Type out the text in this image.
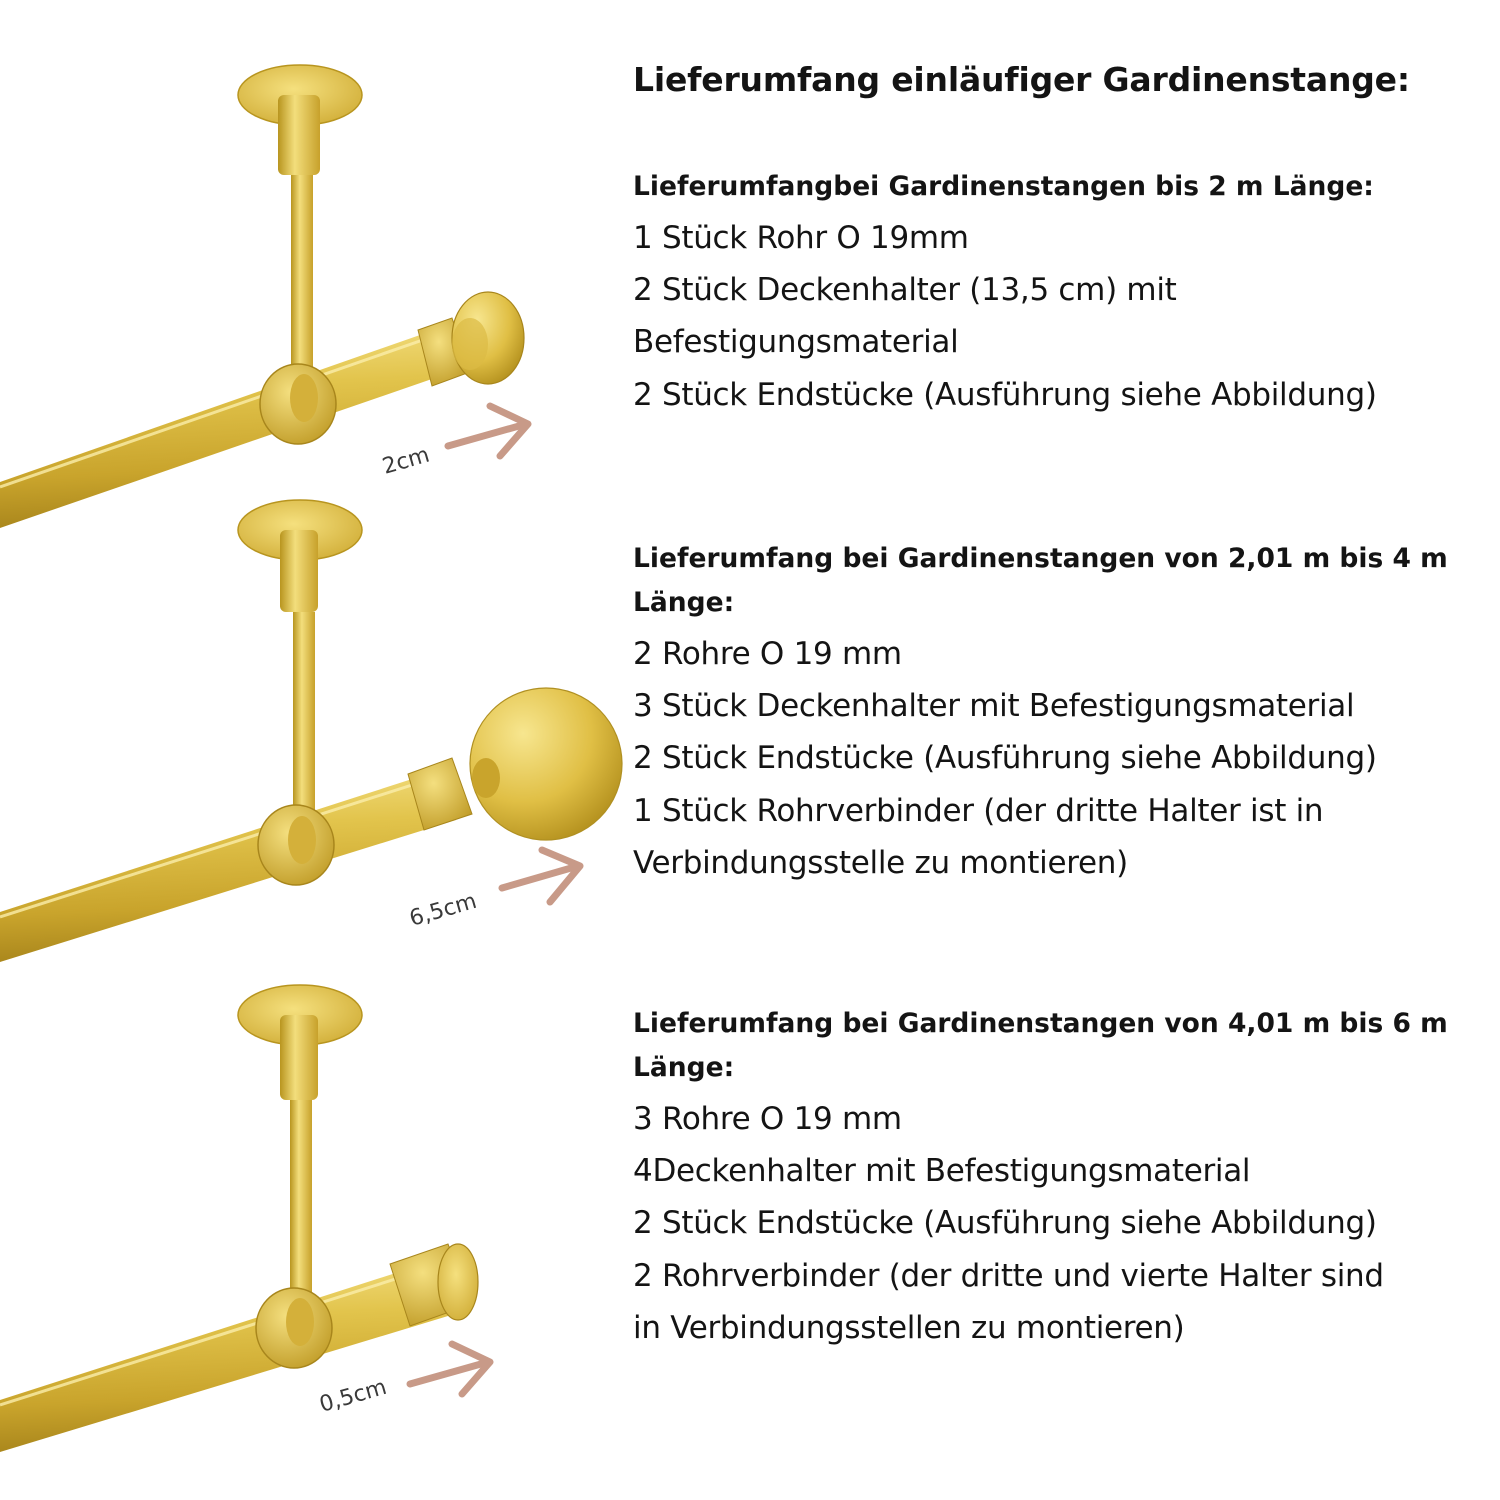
2cm
6,5cm
0,5cm
Lieferumfang einläufiger Gardinenstange:
Lieferumfangbei Gardinenstangen bis 2 m Länge:
1 Stück Rohr O 19mm
2 Stück Deckenhalter (13,5 cm) mit
Befestigungsmaterial
2 Stück Endstücke (Ausführung siehe Abbildung)
Lieferumfang bei Gardinenstangen von 2,01 m bis 4 m Länge:
2 Rohre O 19 mm
3 Stück Deckenhalter mit Befestigungsmaterial
2 Stück Endstücke (Ausführung siehe Abbildung)
1 Stück Rohrverbinder (der dritte Halter ist in
Verbindungsstelle zu montieren)
Lieferumfang bei Gardinenstangen von 4,01 m bis 6 m Länge:
3 Rohre O 19 mm
4Deckenhalter mit Befestigungsmaterial
2 Stück Endstücke (Ausführung siehe Abbildung)
2 Rohrverbinder (der dritte und vierte Halter sind
in Verbindungsstellen zu montieren)
